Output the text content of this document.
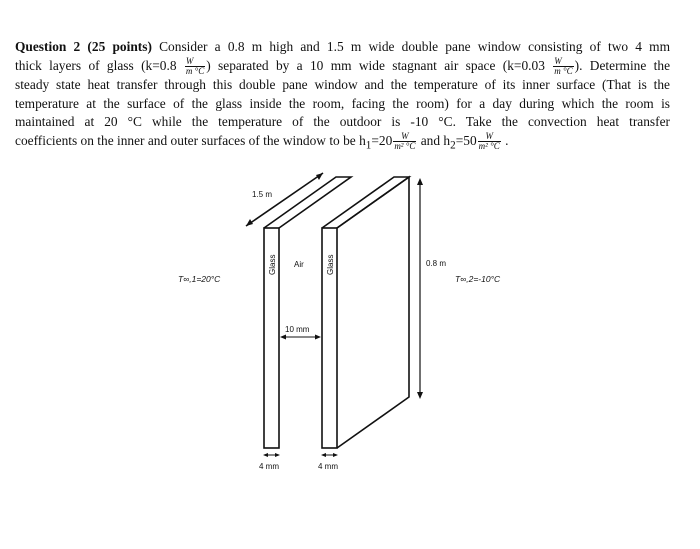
Question 2 (25 points) Consider a 0.8 m high and 1.5 m wide double pane window consisting of two 4 mm
thick layers of glass ($k=0.8 \frac{W}{m ^\circ C}$ ) separated by a 10 mm wide stagnant air space ($k=0.03 \frac{W}{m ^\circ C}$ ). Determine the
steady state heat transfer through this double pane window and the temperature of its inner surface (That is the
temperature at the surface of the glass inside the room, facing the room) for a day during which the room is
maintained at 20 °C while the temperature of the outdoor is -10 °C. Take the convection heat transfer
coefficients on the inner and outer surfaces of the window to be $h_1=20 \frac{W}{\text{m² °C}}$ and $h_2=50 \frac{W}{\text{m² °C}}$ .
1.5 m
0.8 m
Air
Glass	Glass
10 mm
4 mm	4 mm
T∞,1=20°C	T∞,2=-10°C
